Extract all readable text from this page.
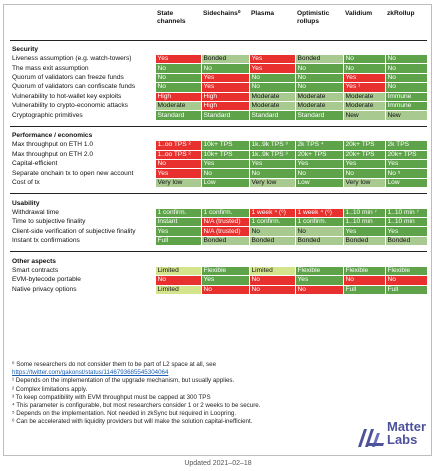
	State channels	Sidechains⁰	Plasma	Optimistic rollups	Validium	zkRollup

Security						
Liveness assumption (e.g. watch-towers)	Yes	Bonded	Yes	Bonded	No	No
The mass exit assumption	No	No	Yes	No	No	No
Quorum of validators can freeze funds	No	Yes	No	No	Yes	No
Quorum of validators can confiscate funds	No	Yes	No	No	Yes ¹	No
Vulnerability to hot-wallet key exploits	High	High	Moderate	Moderate	Moderate	Immune
Vulnerability to crypto-economic attacks	Moderate	High	Moderate	Moderate	Moderate	Immune
Cryptographic primitives	Standard	Standard	Standard	Standard	New	New

Performance / economics						
Max throughput on ETH 1.0	1..oo TPS ²	10k+ TPS	1k..9k TPS ³	2k TPS ⁴	20k+ TPS	2k TPS
Max throughput on ETH 2.0	1..oo TPS ²	10k+ TPS	1k..9k TPS ³	20k+ TPS	20k+ TPS	20k+ TPS
Capital-efficient	No	Yes	Yes	Yes	Yes	Yes
Separate onchain tx to open new account	Yes	No	No	No	No	No ⁵
Cost of tx	Very low	Low	Very low	Low	Very low	Low

Usability						
Withdrawal time	1 confirm.	1 confirm.	1 week ⁴ (⁶)	1 week ⁴ (⁶)	1..10 min ⁷	1..10 min ⁷
Time to subjective finality	Instant	N/A (trusted)	1 confirm.	1 confirm.	1..10 min	1..10 min
Client-side verification of subjective finality	Yes	N/A (trusted)	No	No	Yes	Yes
Instant tx confirmations	Full	Bonded	Bonded	Bonded	Bonded	Bonded

Other aspects						
Smart contracts	Limited	Flexible	Limited	Flexible	Flexible	Flexible
EVM-bytecode portable	No	Yes	No	Yes	No	No
Native privacy options	Limited	No	No	No	Full	Full

⁰ Some researchers do not consider them to be part of L2 space at all, see

https://twitter.com/gakonst/status/1146793685545304064

¹ Depends on the implementation of the upgrade mechanism, but usually applies.

² Complex limitations apply.

³ To keep compatibility with EVM throughput must be capped at 300 TPS

⁴ This parameter is configurable, but most researchers consider 1 or 2 weeks to be secure.

⁵ Depends on the implementation. Not needed in zkSync but required in Loopring.

⁶ Can be accelerated with liquidity providers but will make the solution capital-inefficient.	Matter Labs
Updated 2021–02–18
